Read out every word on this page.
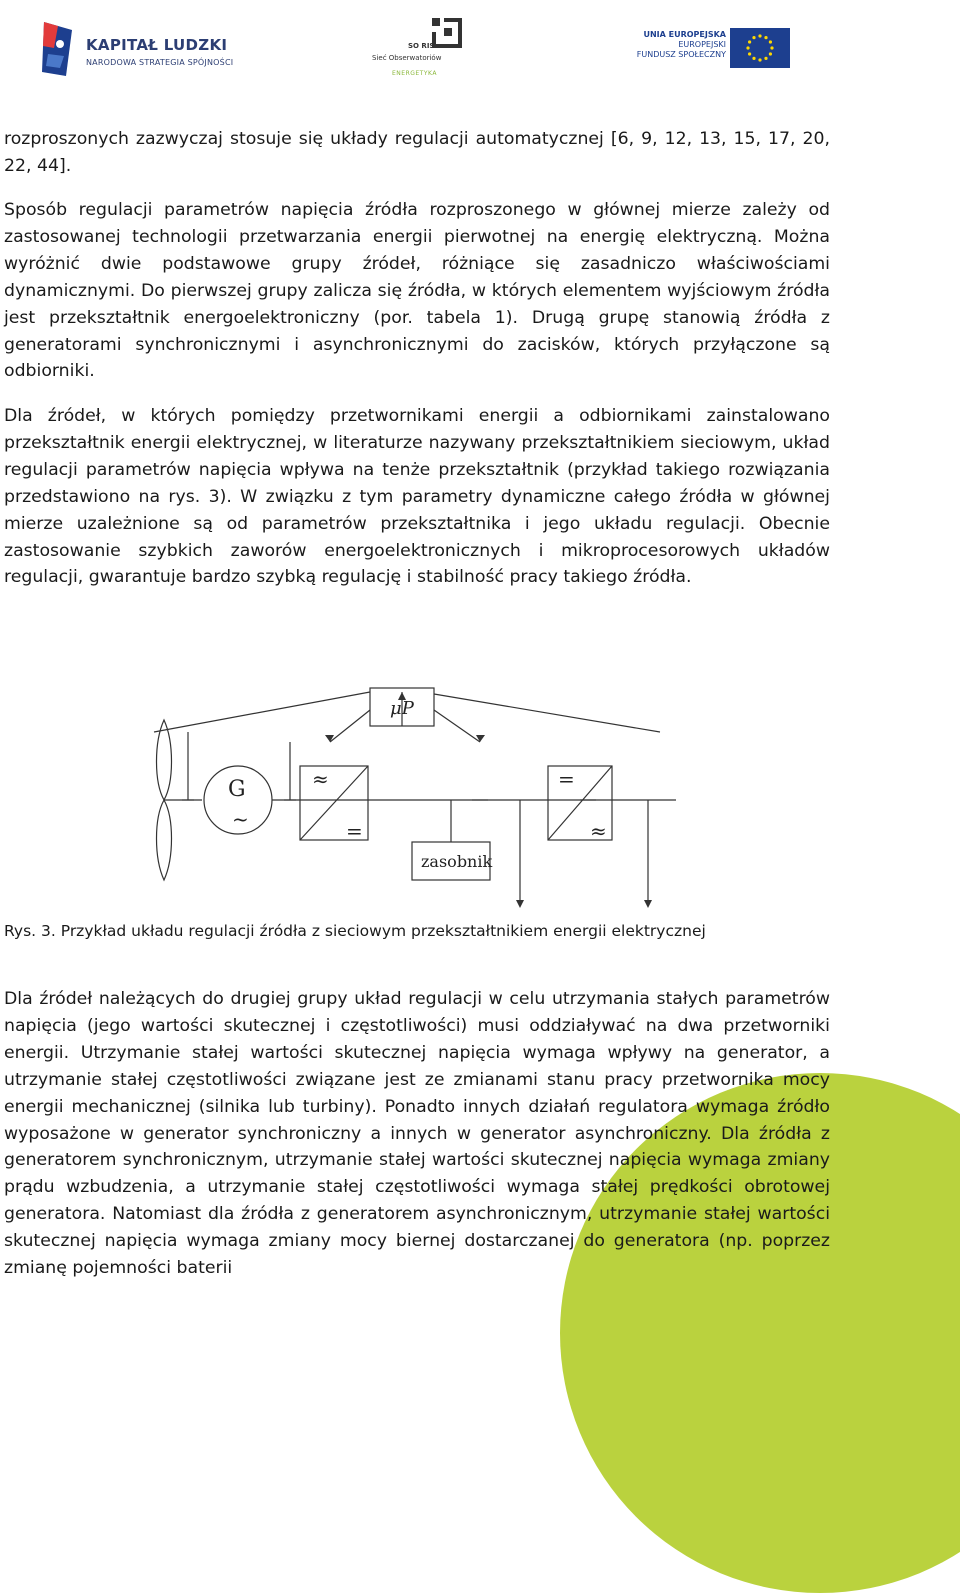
KAPITAŁ LUDZKI
NARODOWA STRATEGIA SPÓJNOŚCI
SO RIS
Sieć Obserwatoriów
ENERGETYKA
UNIA EUROPEJSKA
EUROPEJSKI
FUNDUSZ SPOŁECZNY
rozproszonych zazwyczaj stosuje się układy regulacji automatycznej [6, 9, 12, 13, 15, 17, 20, 22, 44].
Sposób regulacji parametrów napięcia źródła rozproszonego w głównej mierze zależy od zastosowanej technologii przetwarzania energii pierwotnej na energię elektryczną. Można wyróżnić dwie podstawowe grupy źródeł, różniące się zasadniczo właściwościami dynamicznymi. Do pierwszej grupy zalicza się źródła, w których elementem wyjściowym źródła jest przekształtnik energoelektroniczny (por. tabela 1). Drugą grupę stanowią źródła z generatorami synchronicznymi i asynchronicznymi do zacisków, których przyłączone są odbiorniki.
Dla źródeł, w których pomiędzy przetwornikami energii a odbiornikami zainstalowano przekształtnik energii elektrycznej, w literaturze nazywany przekształtnikiem sieciowym, układ regulacji parametrów napięcia wpływa na tenże przekształtnik (przykład takiego rozwiązania przedstawiono na rys. 3). W związku z tym parametry dynamiczne całego źródła w głównej mierze uzależnione są od parametrów przekształtnika i jego układu regulacji. Obecnie zastosowanie szybkich zaworów energoelektronicznych i mikroprocesorowych układów regulacji, gwarantuje bardzo szybką regulację i stabilność pracy takiego źródła.
μP
G
~
≈
=
=
≈
zasobnik
Rys. 3. Przykład układu regulacji źródła z sieciowym przekształtnikiem energii elektrycznej
Dla źródeł należących do drugiej grupy układ regulacji w celu utrzymania stałych parametrów napięcia (jego wartości skutecznej i częstotliwości) musi oddziaływać na dwa przetworniki energii. Utrzymanie stałej wartości skutecznej napięcia wymaga wpływy na generator, a utrzymanie stałej częstotliwości związane jest ze zmianami stanu pracy przetwornika mocy energii mechanicznej (silnika lub turbiny). Ponadto innych działań regulatora wymaga źródło wyposażone w generator synchroniczny a innych w generator asynchroniczny. Dla źródła z generatorem synchronicznym, utrzymanie stałej wartości skutecznej napięcia wymaga zmiany prądu wzbudzenia, a utrzymanie stałej częstotliwości wymaga stałej prędkości obrotowej generatora. Natomiast dla źródła z generatorem asynchronicznym, utrzymanie stałej wartości skutecznej napięcia wymaga zmiany mocy biernej dostarczanej do generatora (np. poprzez zmianę pojemności baterii
